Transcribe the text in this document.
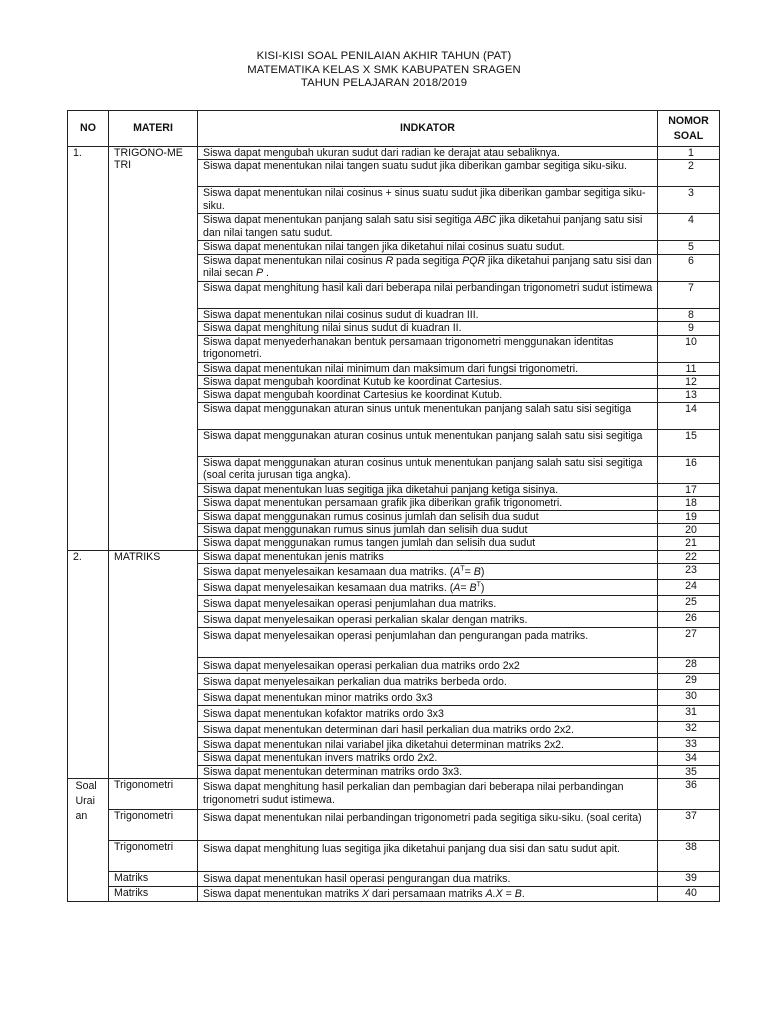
KISI-KISI SOAL PENILAIAN AKHIR TAHUN (PAT)
MATEMATIKA KELAS X SMK KABUPATEN SRAGEN
TAHUN PELAJARAN 2018/2019
NO	MATERI	INDKATOR	NOMOR SOAL
1.	TRIGONO-METRI	Siswa dapat mengubah ukuran sudut dari radian ke derajat atau sebaliknya.	1
		Siswa dapat menentukan nilai tangen suatu sudut jika diberikan gambar segitiga siku-siku.	2
		Siswa dapat menentukan nilai cosinus + sinus suatu sudut jika diberikan gambar segitiga siku-siku.	3
		Siswa dapat menentukan panjang salah satu sisi segitiga ABC jika diketahui panjang satu sisi dan nilai tangen satu sudut.	4
		Siswa dapat menentukan nilai tangen jika diketahui nilai cosinus suatu sudut.	5
		Siswa dapat menentukan nilai cosinus R pada segitiga PQR jika diketahui panjang satu sisi dan nilai secan P .	6
		Siswa dapat menghitung hasil kali dari beberapa nilai perbandingan trigonometri sudut istimewa	7
		Siswa dapat menentukan nilai cosinus sudut di kuadran III.	8
		Siswa dapat menghitung nilai sinus sudut di kuadran II.	9
		Siswa dapat menyederhanakan bentuk persamaan trigonometri menggunakan identitas trigonometri.	10
		Siswa dapat menentukan nilai minimum dan maksimum dari fungsi trigonometri.	11
		Siswa dapat mengubah koordinat Kutub ke koordinat Cartesius.	12
		Siswa dapat mengubah koordinat Cartesius ke koordinat Kutub.	13
		Siswa dapat menggunakan aturan sinus untuk menentukan panjang salah satu sisi segitiga	14
		Siswa dapat menggunakan aturan cosinus untuk menentukan panjang salah satu sisi segitiga	15
		Siswa dapat menggunakan aturan cosinus untuk menentukan panjang salah satu sisi segitiga (soal cerita jurusan tiga angka).	16
		Siswa dapat menentukan luas segitiga jika diketahui panjang ketiga sisinya.	17
		Siswa dapat menentukan persamaan grafik jika diberikan grafik trigonometri.	18
		Siswa dapat menggunakan rumus cosinus jumlah dan selisih dua sudut	19
		Siswa dapat menggunakan rumus sinus jumlah dan selisih dua sudut	20
		Siswa dapat menggunakan rumus tangen jumlah dan selisih dua sudut	21
2.	MATRIKS	Siswa dapat menentukan jenis matriks	22
		Siswa dapat menyelesaikan kesamaan dua matriks. $(A^T= B)$	23
		Siswa dapat menyelesaikan kesamaan dua matriks. $(A= B^T)$	24
		Siswa dapat menyelesaikan operasi penjumlahan dua matriks.	25
		Siswa dapat menyelesaikan operasi perkalian skalar dengan matriks.	26
		Siswa dapat menyelesaikan operasi penjumlahan dan pengurangan pada matriks.	27
		Siswa dapat menyelesaikan operasi perkalian dua matriks ordo 2x2	28
		Siswa dapat menyelesaikan perkalian dua matriks berbeda ordo.	29
		Siswa dapat menentukan minor matriks ordo 3x3	30
		Siswa dapat menentukan kofaktor matriks ordo 3x3	31
		Siswa dapat menentukan determinan dari hasil perkalian dua matriks ordo 2x2.	32
		Siswa dapat menentukan nilai variabel jika diketahui determinan matriks 2x2.	33
		Siswa dapat menentukan invers matriks ordo 2x2.	34
		Siswa dapat menentukan determinan matriks ordo 3x3.	35
Soal Urai an	Trigonometri	Siswa dapat menghitung hasil perkalian dan pembagian dari beberapa nilai perbandingan trigonometri sudut istimewa.	36
	Trigonometri	Siswa dapat menentukan nilai perbandingan trigonometri pada segitiga siku-siku. (soal cerita)	37
	Trigonometri	Siswa dapat menghitung luas segitiga jika diketahui panjang dua sisi dan satu sudut apit.	38
	Matriks	Siswa dapat menentukan hasil operasi pengurangan dua matriks.	39
	Matriks	Siswa dapat menentukan matriks X dari persamaan matriks A.X = B.	40
